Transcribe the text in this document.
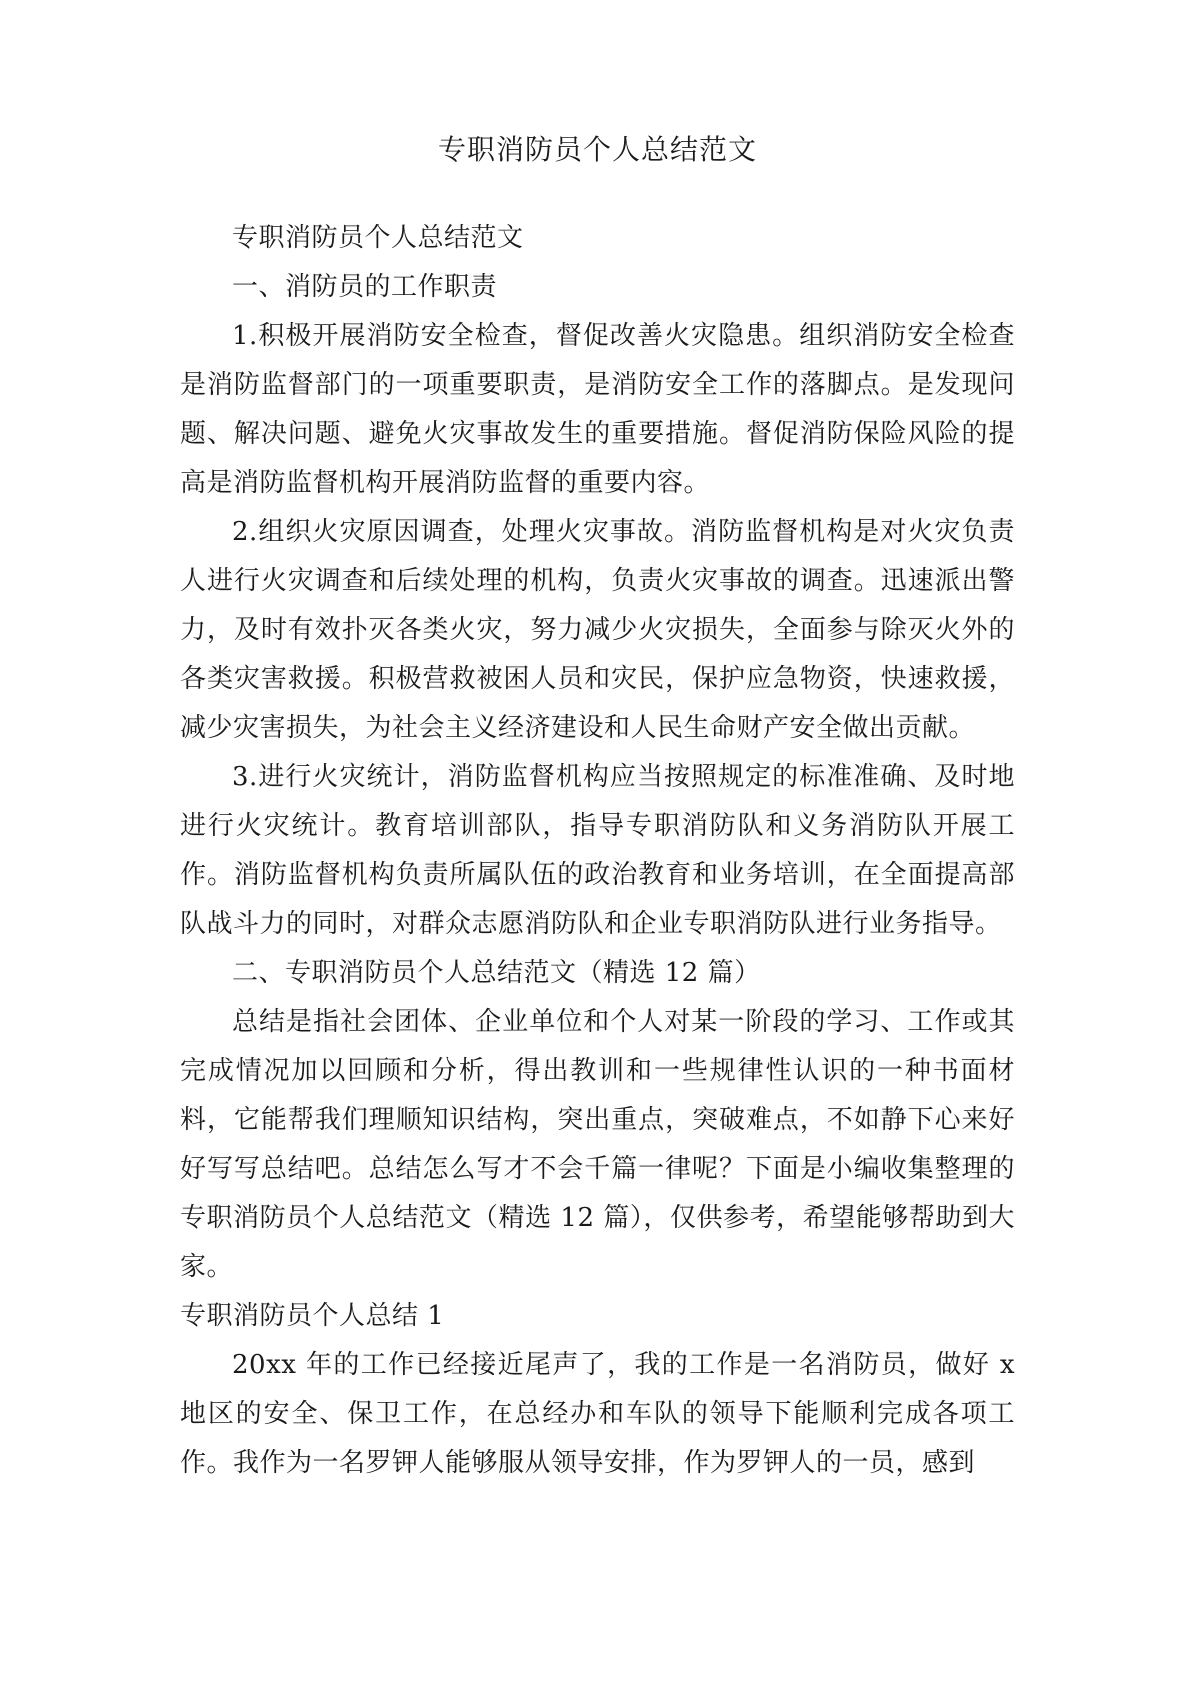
专职消防员个人总结范文

专职消防员个人总结范文

一、消防员的工作职责

1.积极开展消防安全检查，督促改善火灾隐患。组织消防安全检查是消防监督部门的一项重要职责，是消防安全工作的落脚点。是发现问题、解决问题、避免火灾事故发生的重要措施。督促消防保险风险的提高是消防监督机构开展消防监督的重要内容。

2.组织火灾原因调查，处理火灾事故。消防监督机构是对火灾负责人进行火灾调查和后续处理的机构，负责火灾事故的调查。迅速派出警力，及时有效扑灭各类火灾，努力减少火灾损失，全面参与除灭火外的各类灾害救援。积极营救被困人员和灾民，保护应急物资，快速救援，减少灾害损失，为社会主义经济建设和人民生命财产安全做出贡献。

3.进行火灾统计，消防监督机构应当按照规定的标准准确、及时地进行火灾统计。教育培训部队，指导专职消防队和义务消防队开展工作。消防监督机构负责所属队伍的政治教育和业务培训，在全面提高部队战斗力的同时，对群众志愿消防队和企业专职消防队进行业务指导。

二、专职消防员个人总结范文（精选 12 篇）

总结是指社会团体、企业单位和个人对某一阶段的学习、工作或其完成情况加以回顾和分析，得出教训和一些规律性认识的一种书面材料，它能帮我们理顺知识结构，突出重点，突破难点，不如静下心来好好写写总结吧。总结怎么写才不会千篇一律呢？下面是小编收集整理的专职消防员个人总结范文（精选 12 篇），仅供参考，希望能够帮助到大家。

专职消防员个人总结 1

20xx 年的工作已经接近尾声了，我的工作是一名消防员，做好 x 地区的安全、保卫工作，在总经办和车队的领导下能顺利完成各项工作。我作为一名罗钾人能够服从领导安排，作为罗钾人的一员，感到
